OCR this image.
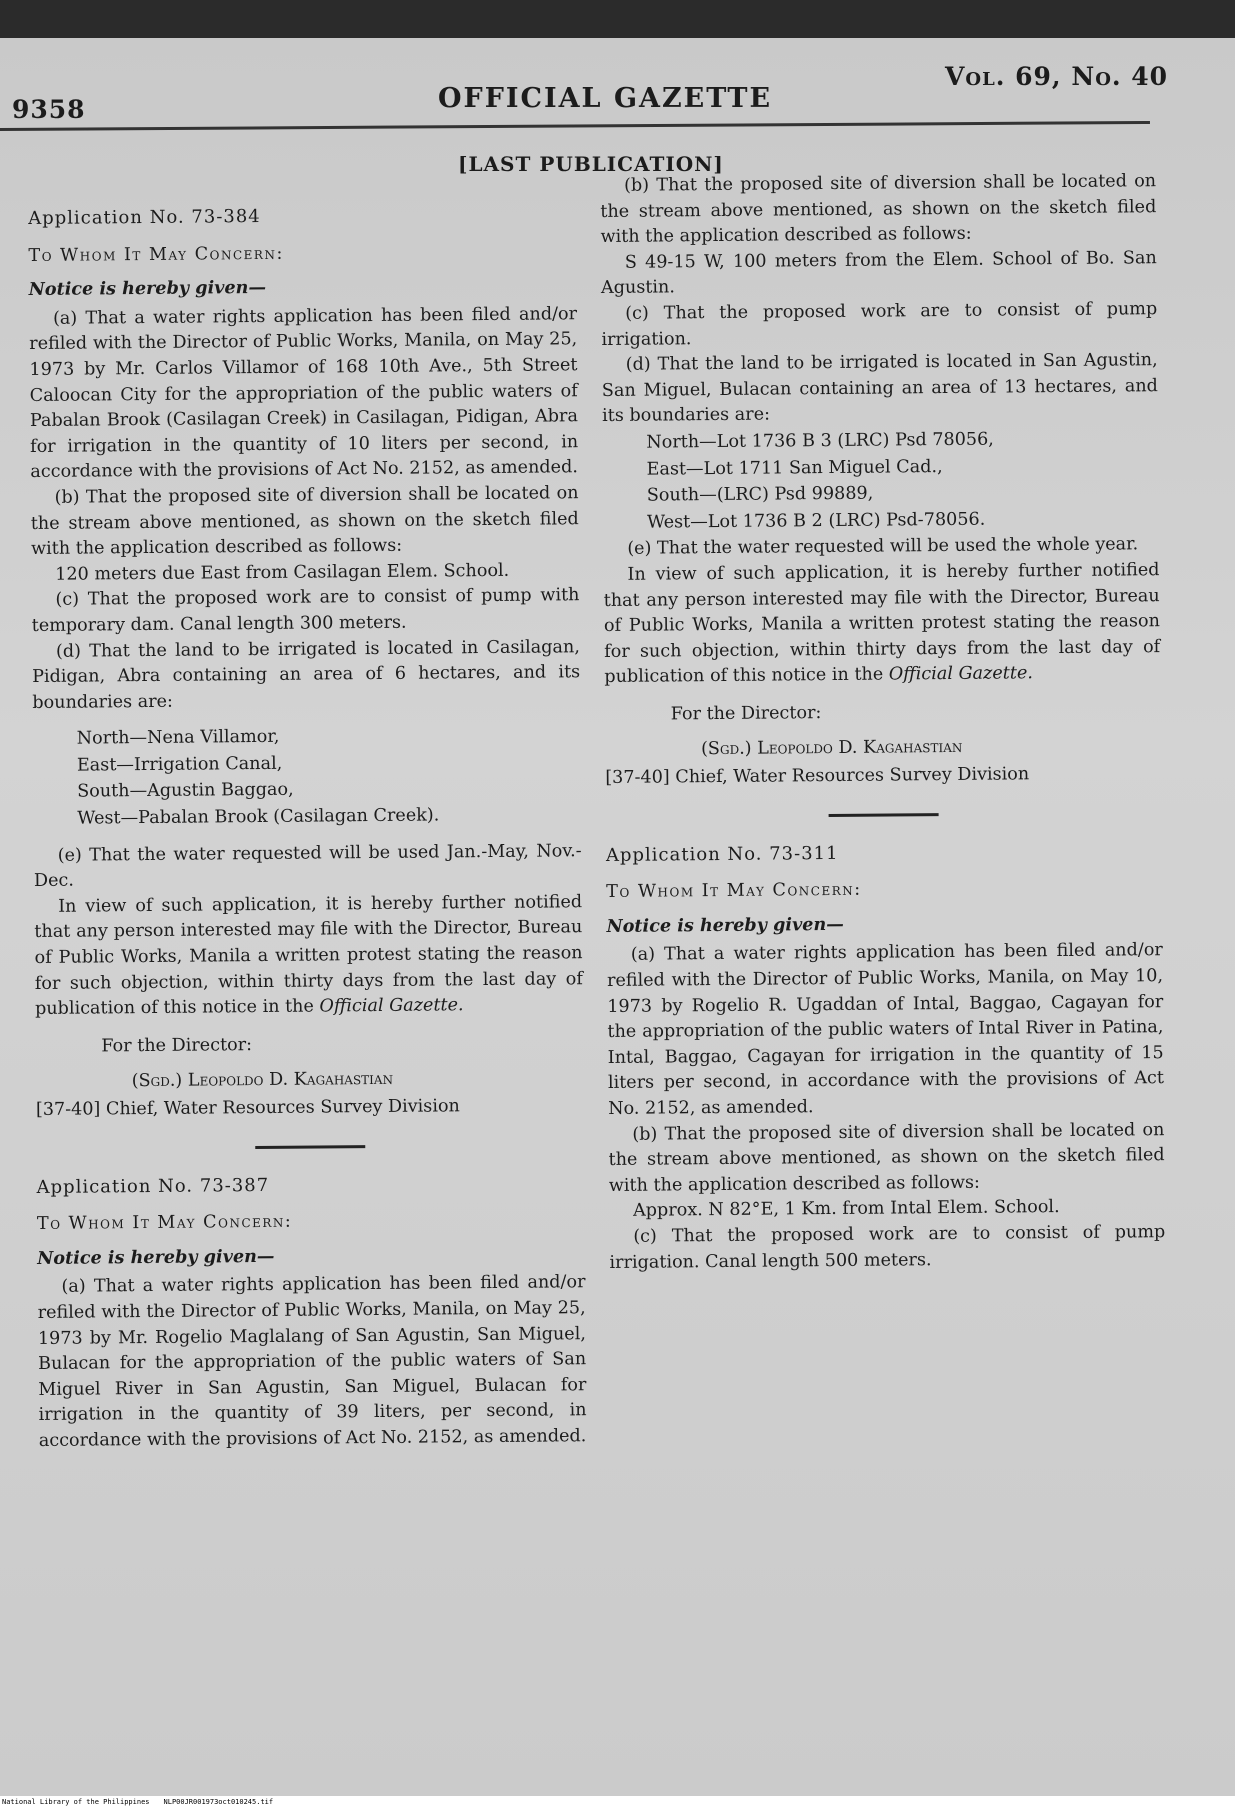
9358	OFFICIAL GAZETTE
Vol. 69, No. 40
[LAST PUBLICATION]

Application No. 73-384

To Whom It May Concern:

Notice is hereby given—

(a) That a water rights application has been filed and/or refiled with the Director of Public Works, Manila, on May 25, 1973 by Mr. Carlos Villamor of 168 10th Ave., 5th Street Caloocan City for the appropriation of the public waters of Pabalan Brook (Casilagan Creek) in Casilagan, Pidigan, Abra for irrigation in the quantity of 10 liters per second, in accordance with the provisions of Act No. 2152, as amended.

(b) That the proposed site of diversion shall be located on the stream above mentioned, as shown on the sketch filed with the application described as follows:

120 meters due East from Casilagan Elem. School.

(c) That the proposed work are to consist of pump with temporary dam. Canal length 300 meters.

(d) That the land to be irrigated is located in Casilagan, Pidigan, Abra containing an area of 6 hectares, and its boundaries are:

North—Nena Villamor,
East—Irrigation Canal,
South—Agustin Baggao,
West—Pabalan Brook (Casilagan Creek).

(e) That the water requested will be used Jan.-May, Nov.-Dec.

In view of such application, it is hereby further notified that any person interested may file with the Director, Bureau of Public Works, Manila a written protest stating the reason for such objection, within thirty days from the last day of publication of this notice in the Official Gazette.

For the Director:

(Sgd.) Leopoldo D. Kagahastian

[37-40] Chief, Water Resources Survey Division

Application No. 73-387

To Whom It May Concern:

Notice is hereby given—

(a) That a water rights application has been filed and/or refiled with the Director of Public Works, Manila, on May 25, 1973 by Mr. Rogelio Maglalang of San Agustin, San Miguel, Bulacan for the appropriation of the public waters of San Miguel River in San Agustin, San Miguel, Bulacan for irrigation in the quantity of 39 liters, per second, in accordance with the provisions of Act No. 2152, as amended.

(b) That the proposed site of diversion shall be located on the stream above mentioned, as shown on the sketch filed with the application described as follows:

S 49-15 W, 100 meters from the Elem. School of Bo. San Agustin.

(c) That the proposed work are to consist of pump irrigation.

(d) That the land to be irrigated is located in San Agustin, San Miguel, Bulacan containing an area of 13 hectares, and its boundaries are:

North—Lot 1736 B 3 (LRC) Psd 78056,
East—Lot 1711 San Miguel Cad.,
South—(LRC) Psd 99889,
West—Lot 1736 B 2 (LRC) Psd-78056.

(e) That the water requested will be used the whole year.

In view of such application, it is hereby further notified that any person interested may file with the Director, Bureau of Public Works, Manila a written protest stating the reason for such objection, within thirty days from the last day of publication of this notice in the Official Gazette.

For the Director:

(Sgd.) Leopoldo D. Kagahastian

[37-40] Chief, Water Resources Survey Division

Application No. 73-311

To Whom It May Concern:

Notice is hereby given—

(a) That a water rights application has been filed and/or refiled with the Director of Public Works, Manila, on May 10, 1973 by Rogelio R. Ugaddan of Intal, Baggao, Cagayan for the appropriation of the public waters of Intal River in Patina, Intal, Baggao, Cagayan for irrigation in the quantity of 15 liters per second, in accordance with the provisions of Act No. 2152, as amended.

(b) That the proposed site of diversion shall be located on the stream above mentioned, as shown on the sketch filed with the application described as follows:

Approx. N 82°E, 1 Km. from Intal Elem. School.

(c) That the proposed work are to consist of pump irrigation. Canal length 500 meters.

National Library of the Philippines NLP00JR001973oct010245.tif
